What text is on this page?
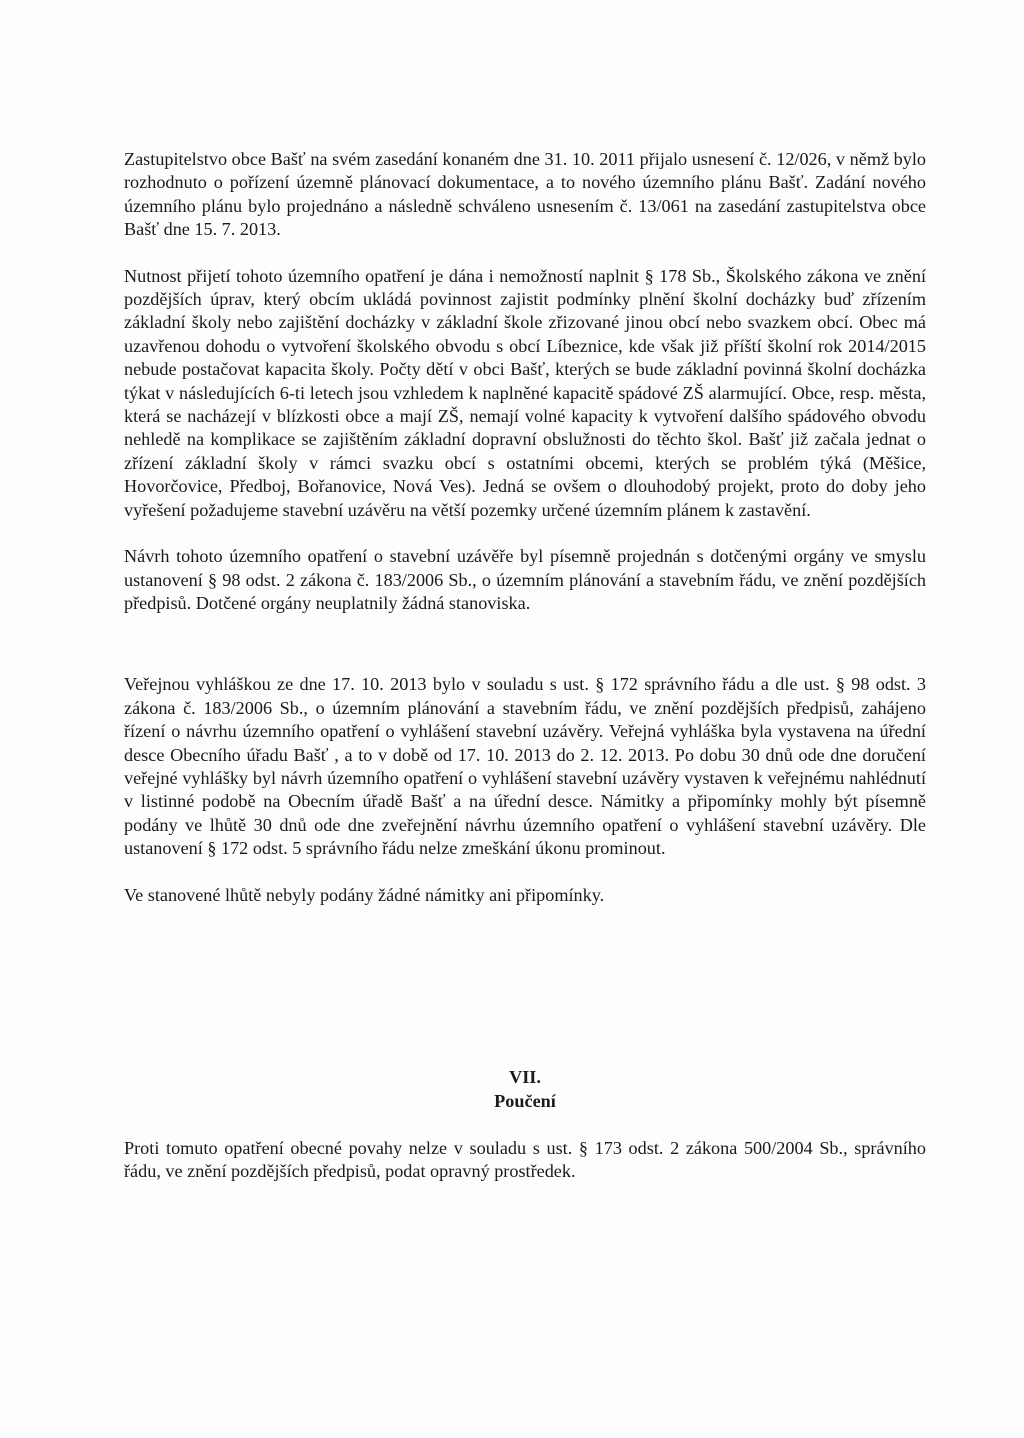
Zastupitelstvo obce Bašť na svém zasedání konaném dne 31. 10. 2011 přijalo usnesení č. 12/026, v němž bylo rozhodnuto o pořízení územně plánovací dokumentace, a to nového územního plánu Bašť. Zadání nového územního plánu bylo projednáno a následně schváleno usnesením č. 13/061 na zasedání zastupitelstva obce Bašť dne 15. 7. 2013.

Nutnost přijetí tohoto územního opatření je dána i nemožností naplnit § 178 Sb., Školského zákona ve znění pozdějších úprav, který obcím ukládá povinnost zajistit podmínky plnění školní docházky buď zřízením základní školy nebo zajištění docházky v základní škole zřizované jinou obcí nebo svazkem obcí. Obec má uzavřenou dohodu o vytvoření školského obvodu s obcí Líbeznice, kde však již příští školní rok 2014/2015 nebude postačovat kapacita školy. Počty dětí v obci Bašť, kterých se bude základní povinná školní docházka týkat v následujících 6-ti letech jsou vzhledem k naplněné kapacitě spádové ZŠ alarmující. Obce, resp. města, která se nacházejí v blízkosti obce a mají ZŠ, nemají volné kapacity k vytvoření dalšího spádového obvodu nehledě na komplikace se zajištěním základní dopravní obslužnosti do těchto škol. Bašť již začala jednat o zřízení základní školy v rámci svazku obcí s ostatními obcemi, kterých se problém týká (Měšice, Hovorčovice, Předboj, Bořanovice, Nová Ves). Jedná se ovšem o dlouhodobý projekt, proto do doby jeho vyřešení požadujeme stavební uzávěru na větší pozemky určené územním plánem k zastavění.

Návrh tohoto územního opatření o stavební uzávěře byl písemně projednán s dotčenými orgány ve smyslu ustanovení § 98 odst. 2 zákona č. 183/2006 Sb., o územním plánování a stavebním řádu, ve znění pozdějších předpisů. Dotčené orgány neuplatnily žádná stanoviska.

Veřejnou vyhláškou ze dne 17. 10. 2013 bylo v souladu s ust. § 172 správního řádu a dle ust. § 98 odst. 3 zákona č. 183/2006 Sb., o územním plánování a stavebním řádu, ve znění pozdějších předpisů, zahájeno řízení o návrhu územního opatření o vyhlášení stavební uzávěry. Veřejná vyhláška byla vystavena na úřední desce Obecního úřadu Bašť , a to v době od 17. 10. 2013 do 2. 12. 2013. Po dobu 30 dnů ode dne doručení veřejné vyhlášky byl návrh územního opatření o vyhlášení stavební uzávěry vystaven k veřejnému nahlédnutí v listinné podobě na Obecním úřadě Bašť a na úřední desce. Námitky a připomínky mohly být písemně podány ve lhůtě 30 dnů ode dne zveřejnění návrhu územního opatření o vyhlášení stavební uzávěry. Dle ustanovení § 172 odst. 5 správního řádu nelze zmeškání úkonu prominout.

Ve stanovené lhůtě nebyly podány žádné námitky ani připomínky.

VII.
Poučení

Proti tomuto opatření obecné povahy nelze v souladu s ust. § 173 odst. 2 zákona 500/2004 Sb., správního řádu, ve znění pozdějších předpisů, podat opravný prostředek.
